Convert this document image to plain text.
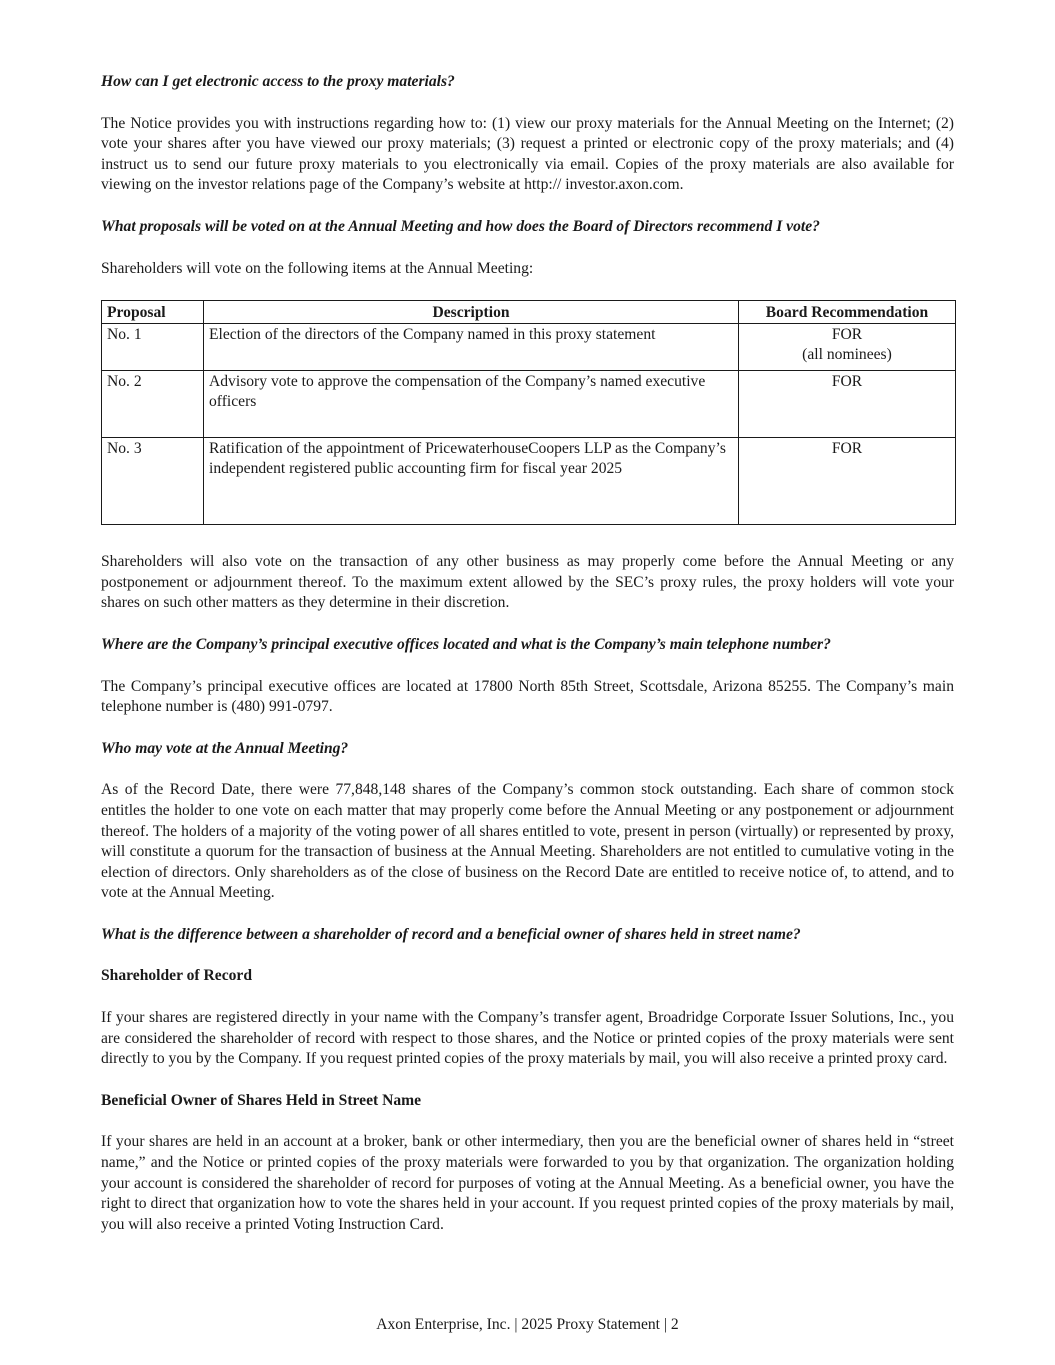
How can I get electronic access to the proxy materials?

The Notice provides you with instructions regarding how to: (1) view our proxy materials for the Annual Meeting on the Internet; (2) vote your shares after you have viewed our proxy materials; (3) request a printed or electronic copy of the proxy materials; and (4) instruct us to send our future proxy materials to you electronically via email. Copies of the proxy materials are also available for viewing on the investor relations page of the Company’s website at http:// investor.axon.com.

What proposals will be voted on at the Annual Meeting and how does the Board of Directors recommend I vote?

Shareholders will vote on the following items at the Annual Meeting:

Proposal	Description	Board Recommendation
No. 1	Election of the directors of the Company named in this proxy statement	FOR
(all nominees)

No. 2	Advisory vote to approve the compensation of the Company’s named executive officers	FOR
No. 3	Ratification of the appointment of PricewaterhouseCoopers LLP as the Company’s independent registered public accounting firm for fiscal year 2025	FOR

Shareholders will also vote on the transaction of any other business as may properly come before the Annual Meeting or any postponement or adjournment thereof. To the maximum extent allowed by the SEC’s proxy rules, the proxy holders will vote your shares on such other matters as they determine in their discretion.

Where are the Company’s principal executive offices located and what is the Company’s main telephone number?

The Company’s principal executive offices are located at 17800 North 85th Street, Scottsdale, Arizona 85255. The Company’s main telephone number is (480) 991-0797.

Who may vote at the Annual Meeting?

As of the Record Date, there were 77,848,148 shares of the Company’s common stock outstanding. Each share of common stock entitles the holder to one vote on each matter that may properly come before the Annual Meeting or any postponement or adjournment thereof. The holders of a majority of the voting power of all shares entitled to vote, present in person (virtually) or represented by proxy, will constitute a quorum for the transaction of business at the Annual Meeting. Shareholders are not entitled to cumulative voting in the election of directors. Only shareholders as of the close of business on the Record Date are entitled to receive notice of, to attend, and to vote at the Annual Meeting.

What is the difference between a shareholder of record and a beneficial owner of shares held in street name?

Shareholder of Record

If your shares are registered directly in your name with the Company’s transfer agent, Broadridge Corporate Issuer Solutions, Inc., you are considered the shareholder of record with respect to those shares, and the Notice or printed copies of the proxy materials were sent directly to you by the Company. If you request printed copies of the proxy materials by mail, you will also receive a printed proxy card.

Beneficial Owner of Shares Held in Street Name

If your shares are held in an account at a broker, bank or other intermediary, then you are the beneficial owner of shares held in “street name,” and the Notice or printed copies of the proxy materials were forwarded to you by that organization. The organization holding your account is considered the shareholder of record for purposes of voting at the Annual Meeting. As a beneficial owner, you have the right to direct that organization how to vote the shares held in your account. If you request printed copies of the proxy materials by mail, you will also receive a printed Voting Instruction Card.

Axon Enterprise, Inc. | 2025 Proxy Statement | 2
